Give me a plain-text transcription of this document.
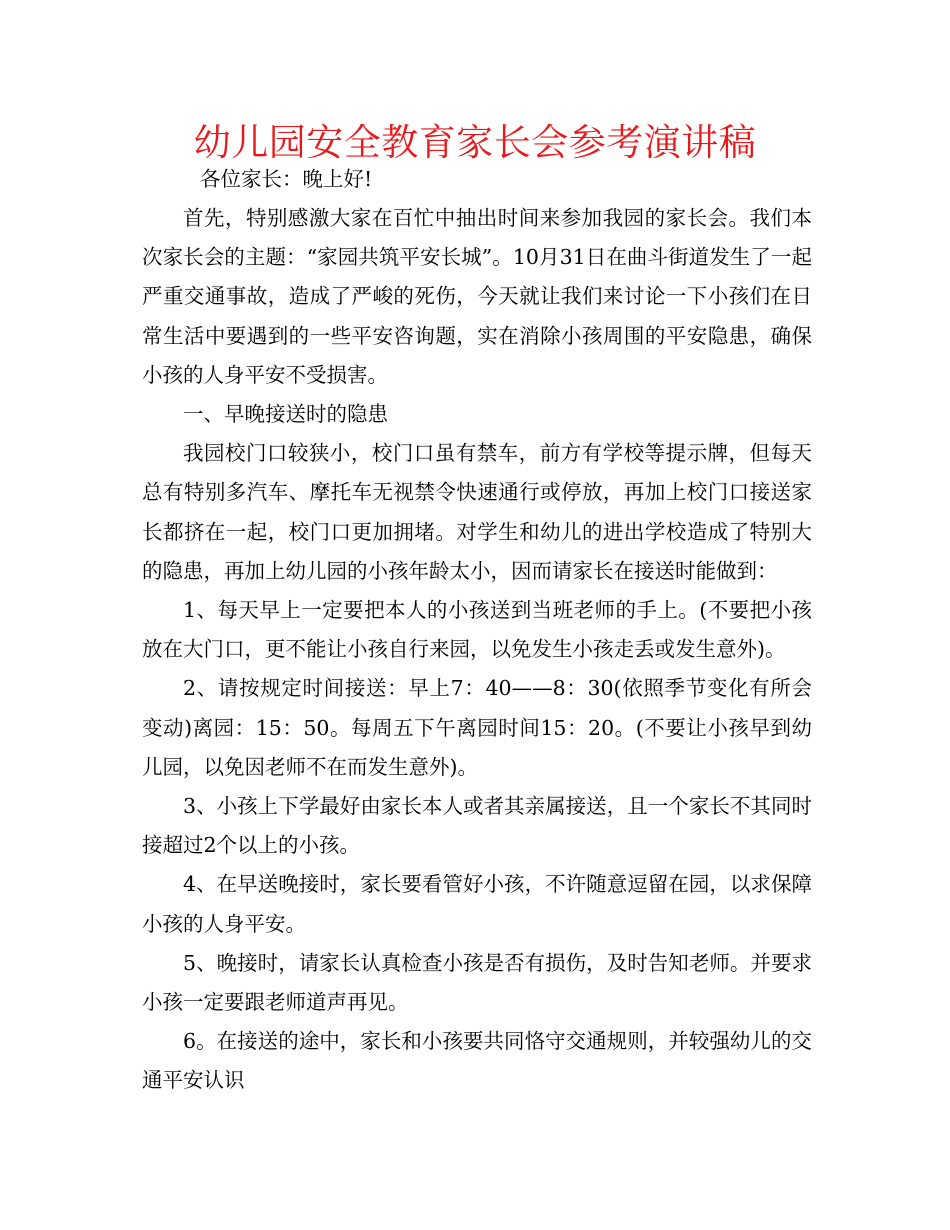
幼儿园安全教育家长会参考演讲稿

各位家长：晚上好!

首先，特别感激大家在百忙中抽出时间来参加我园的家长会。我们本次家长会的主题：“家园共筑平安长城”。10月31日在曲斗街道发生了一起严重交通事故，造成了严峻的死伤，今天就让我们来讨论一下小孩们在日常生活中要遇到的一些平安咨询题，实在消除小孩周围的平安隐患，确保小孩的人身平安不受损害。

一、早晚接送时的隐患

我园校门口较狭小，校门口虽有禁车，前方有学校等提示牌，但每天总有特别多汽车、摩托车无视禁令快速通行或停放，再加上校门口接送家长都挤在一起，校门口更加拥堵。对学生和幼儿的进出学校造成了特别大的隐患，再加上幼儿园的小孩年龄太小，因而请家长在接送时能做到：

1、每天早上一定要把本人的小孩送到当班老师的手上。(不要把小孩放在大门口，更不能让小孩自行来园，以免发生小孩走丢或发生意外)。

2、请按规定时间接送：早上7：40——8：30(依照季节变化有所会变动)离园：15：50。每周五下午离园时间15：20。(不要让小孩早到幼儿园，以免因老师不在而发生意外)。

3、小孩上下学最好由家长本人或者其亲属接送，且一个家长不其同时接超过2个以上的小孩。

4、在早送晚接时，家长要看管好小孩，不许随意逗留在园，以求保障小孩的人身平安。

5、晚接时，请家长认真检查小孩是否有损伤，及时告知老师。并要求小孩一定要跟老师道声再见。

6。在接送的途中，家长和小孩要共同恪守交通规则，并较强幼儿的交通平安认识
